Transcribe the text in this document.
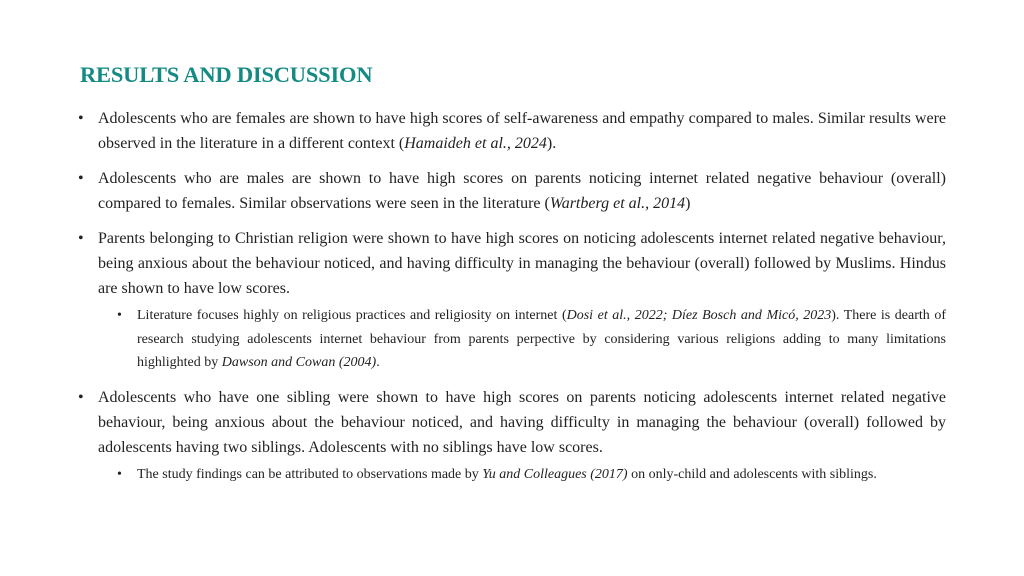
RESULTS AND DISCUSSION
• Adolescents who are females are shown to have high scores of self-awareness and empathy compared to males. Similar results were observed in the literature in a different context (Hamaideh et al., 2024).
• Adolescents who are males are shown to have high scores on parents noticing internet related negative behaviour (overall) compared to females. Similar observations were seen in the literature (Wartberg et al., 2014)
• Parents belonging to Christian religion were shown to have high scores on noticing adolescents internet related negative behaviour, being anxious about the behaviour noticed, and having difficulty in managing the behaviour (overall) followed by Muslims. Hindus are shown to have low scores.
• Literature focuses highly on religious practices and religiosity on internet (Dosi et al., 2022; Díez Bosch and Micó, 2023). There is dearth of research studying adolescents internet behaviour from parents perpective by considering various religions adding to many limitations highlighted by Dawson and Cowan (2004).
• Adolescents who have one sibling were shown to have high scores on parents noticing adolescents internet related negative behaviour, being anxious about the behaviour noticed, and having difficulty in managing the behaviour (overall) followed by adolescents having two siblings. Adolescents with no siblings have low scores.
• The study findings can be attributed to observations made by Yu and Colleagues (2017) on only-child and adolescents with siblings.
